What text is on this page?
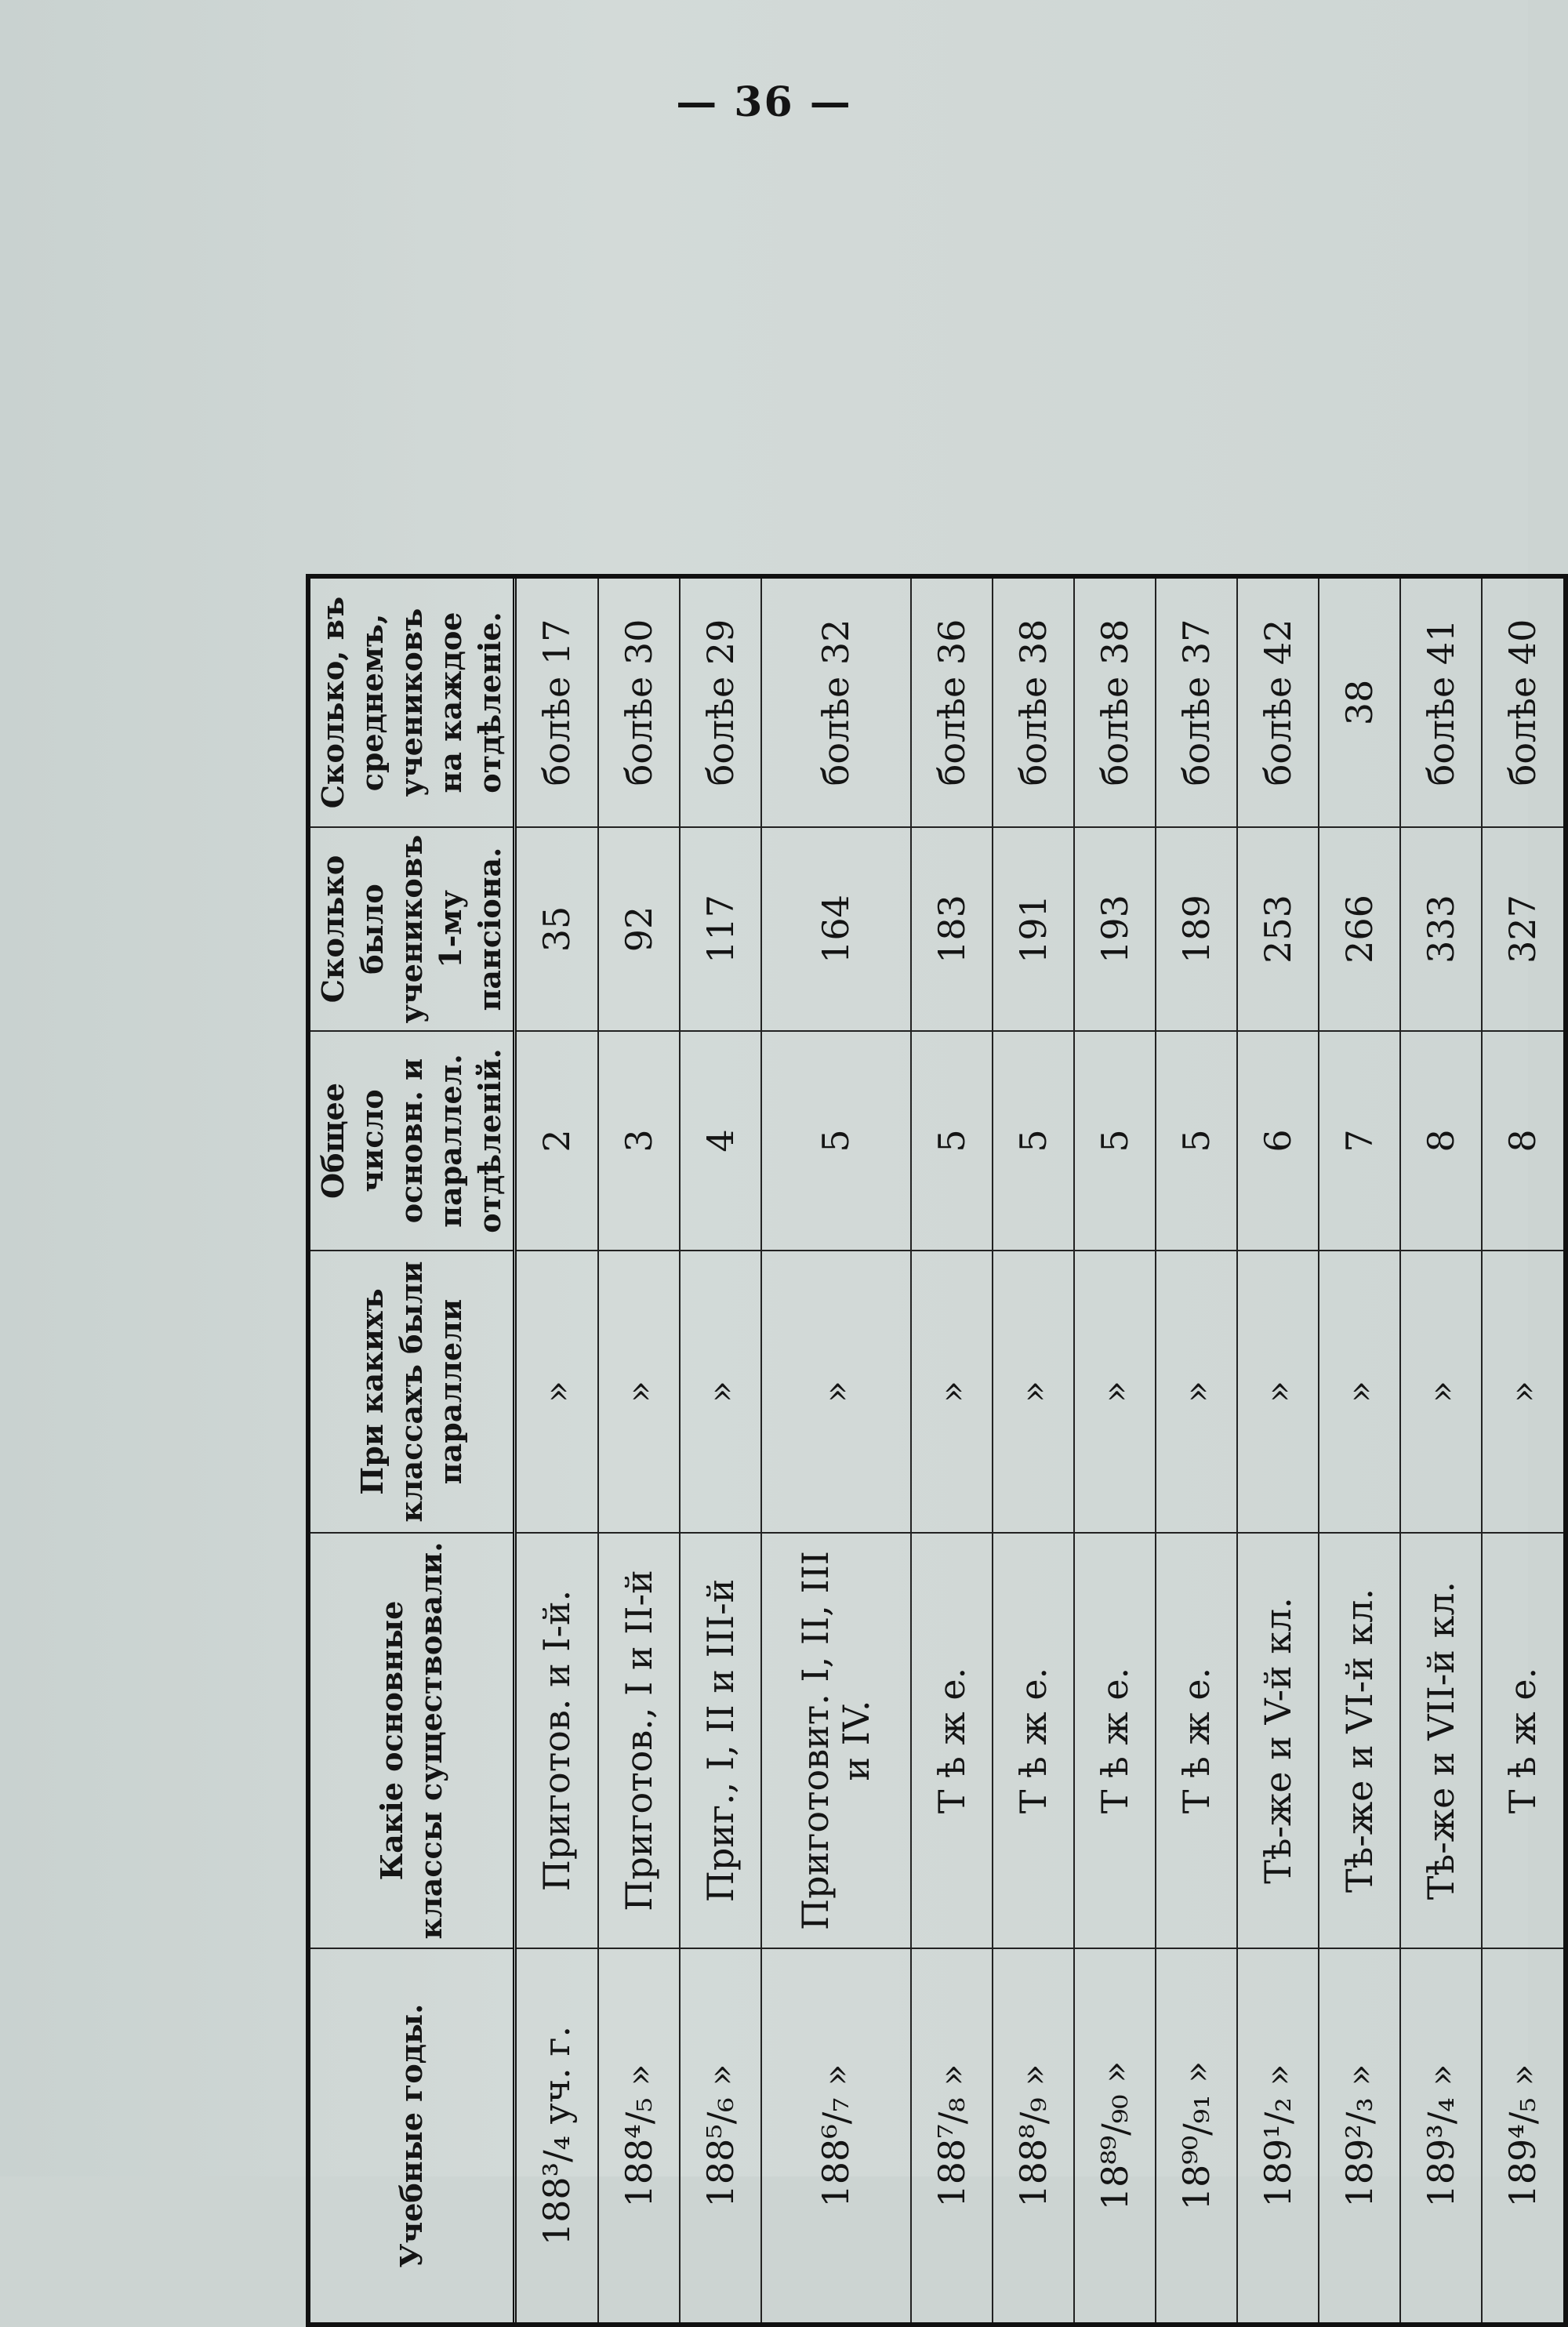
— 36 —

Учебные годы.	Какіе основные классы существовали.	При какихъ классахъ были параллели	Общее число основн. и параллел. отдѣленій.	Сколько было учениковъ 1-му пансіона.	Сколько, въ среднемъ, учениковъ на каждое отдѣленіе.
188³/₄ уч. г.	Приготов. и І-й.	»	2	35	болѣе 17
188⁴/₅ »	Приготов., І и ІІ-й	»	3	92	болѣе 30
188⁵/₆ »	Приг., І, ІІ и ІІІ-й	»	4	117	болѣе 29
188⁶/₇ »	Приготовит. І, ІІ, ІІІ и ІV.	»	5	164	болѣе 32
188⁷/₈ »	Т ѣ ж е.	»	5	183	болѣе 36
188⁸/₉ »	Т ѣ ж е.	»	5	191	болѣе 38
18⁸⁹/₉₀ »	Т ѣ ж е.	»	5	193	болѣе 38
18⁹⁰/₉₁ »	Т ѣ ж е.	»	5	189	болѣе 37
189¹/₂ »	Тѣ-же и V-й кл.	»	6	253	болѣе 42
189²/₃ »	Тѣ-же и VІ-й кл.	»	7	266	38
189³/₄ »	Тѣ-же и VІІ-й кл.	»	8	333	болѣе 41
189⁴/₅ »	Т ѣ ж е.	»	8	327	болѣе 40
